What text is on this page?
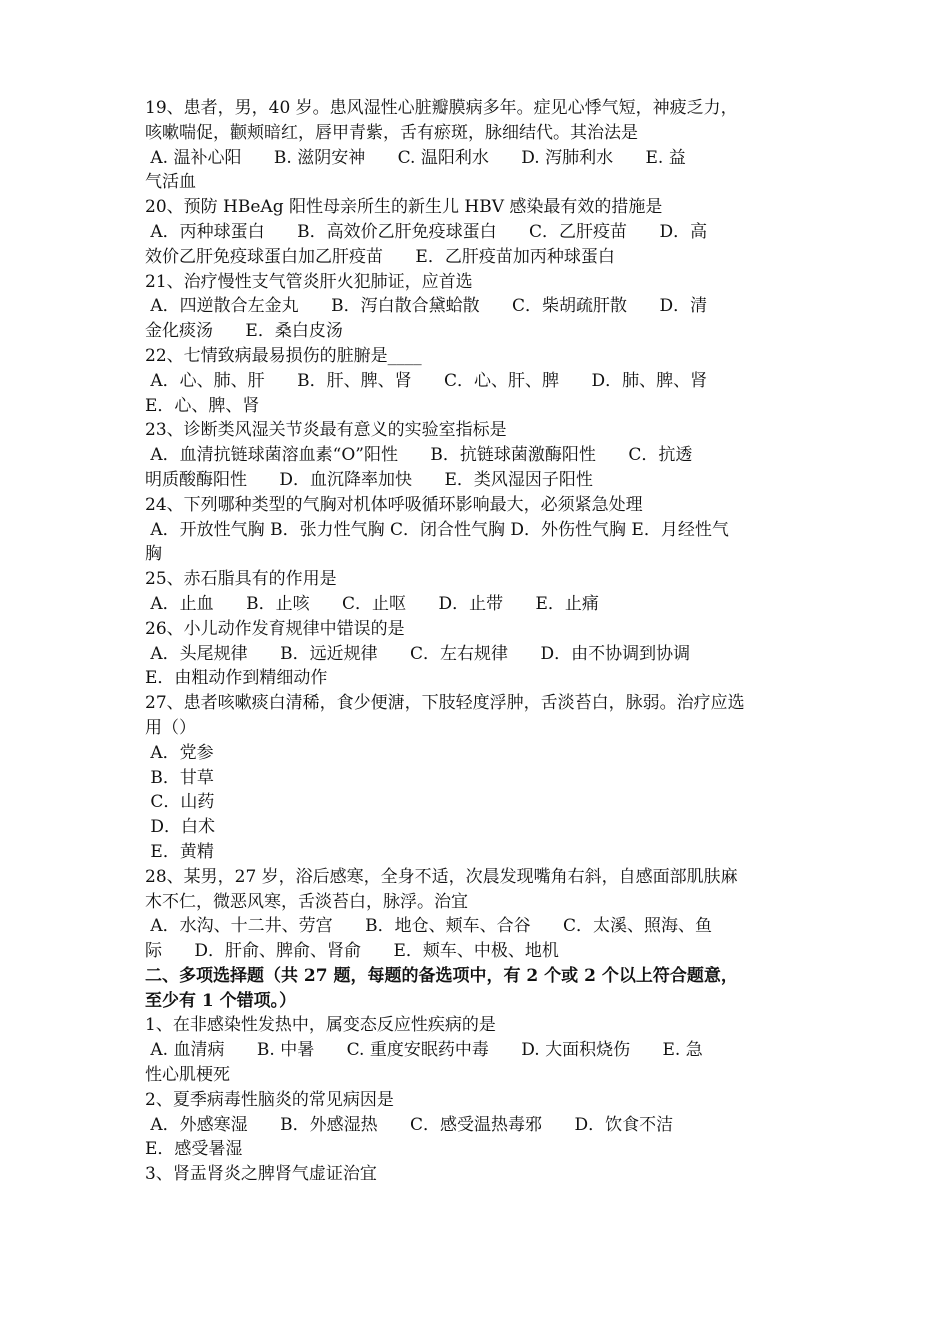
19、患者，男，40 岁。患风湿性心脏瓣膜病多年。症见心悸气短，神疲乏力，
咳嗽喘促，颧颊暗红，唇甲青紫，舌有瘀斑，脉细结代。其治法是
A. 温补心阳      B. 滋阴安神      C. 温阳利水      D. 泻肺利水      E. 益
气活血
20、预防 HBeAg 阳性母亲所生的新生儿 HBV 感染最有效的措施是
A．丙种球蛋白      B．高效价乙肝免疫球蛋白      C．乙肝疫苗      D．高
效价乙肝免疫球蛋白加乙肝疫苗      E．乙肝疫苗加丙种球蛋白
21、治疗慢性支气管炎肝火犯肺证，应首选
A．四逆散合左金丸      B．泻白散合黛蛤散      C．柴胡疏肝散      D．清
金化痰汤      E．桑白皮汤
22、七情致病最易损伤的脏腑是____
A．心、肺、肝      B．肝、脾、肾      C．心、肝、脾      D．肺、脾、肾
E．心、脾、肾
23、诊断类风湿关节炎最有意义的实验室指标是
A．血清抗链球菌溶血素“O”阳性      B．抗链球菌激酶阳性      C．抗透
明质酸酶阳性      D．血沉降率加快      E．类风湿因子阳性
24、下列哪种类型的气胸对机体呼吸循环影响最大，必须紧急处理
A．开放性气胸 B．张力性气胸 C．闭合性气胸 D．外伤性气胸 E．月经性气
胸
25、赤石脂具有的作用是
A．止血      B．止咳      C．止呕      D．止带      E．止痛
26、小儿动作发育规律中错误的是
A．头尾规律      B．远近规律      C．左右规律      D．由不协调到协调
E．由粗动作到精细动作
27、患者咳嗽痰白清稀，食少便溏，下肢轻度浮肿，舌淡苔白，脉弱。治疗应选
用（）
A．党参
B．甘草
C．山药
D．白术
E．黄精
28、某男，27 岁，浴后感寒，全身不适，次晨发现嘴角右斜，自感面部肌肤麻
木不仁，微恶风寒，舌淡苔白，脉浮。治宜
A．水沟、十二井、劳宫      B．地仓、颊车、合谷      C．太溪、照海、鱼
际      D．肝俞、脾俞、肾俞      E．颊车、中极、地机
二、多项选择题（共 27 题，每题的备选项中，有 2 个或 2 个以上符合题意，
至少有 1 个错项。）
1、在非感染性发热中，属变态反应性疾病的是
A. 血清病      B. 中暑      C. 重度安眠药中毒      D. 大面积烧伤      E. 急
性心肌梗死
2、夏季病毒性脑炎的常见病因是
A．外感寒湿      B．外感湿热      C．感受温热毒邪      D．饮食不洁
E．感受暑湿
3、肾盂肾炎之脾肾气虚证治宜
